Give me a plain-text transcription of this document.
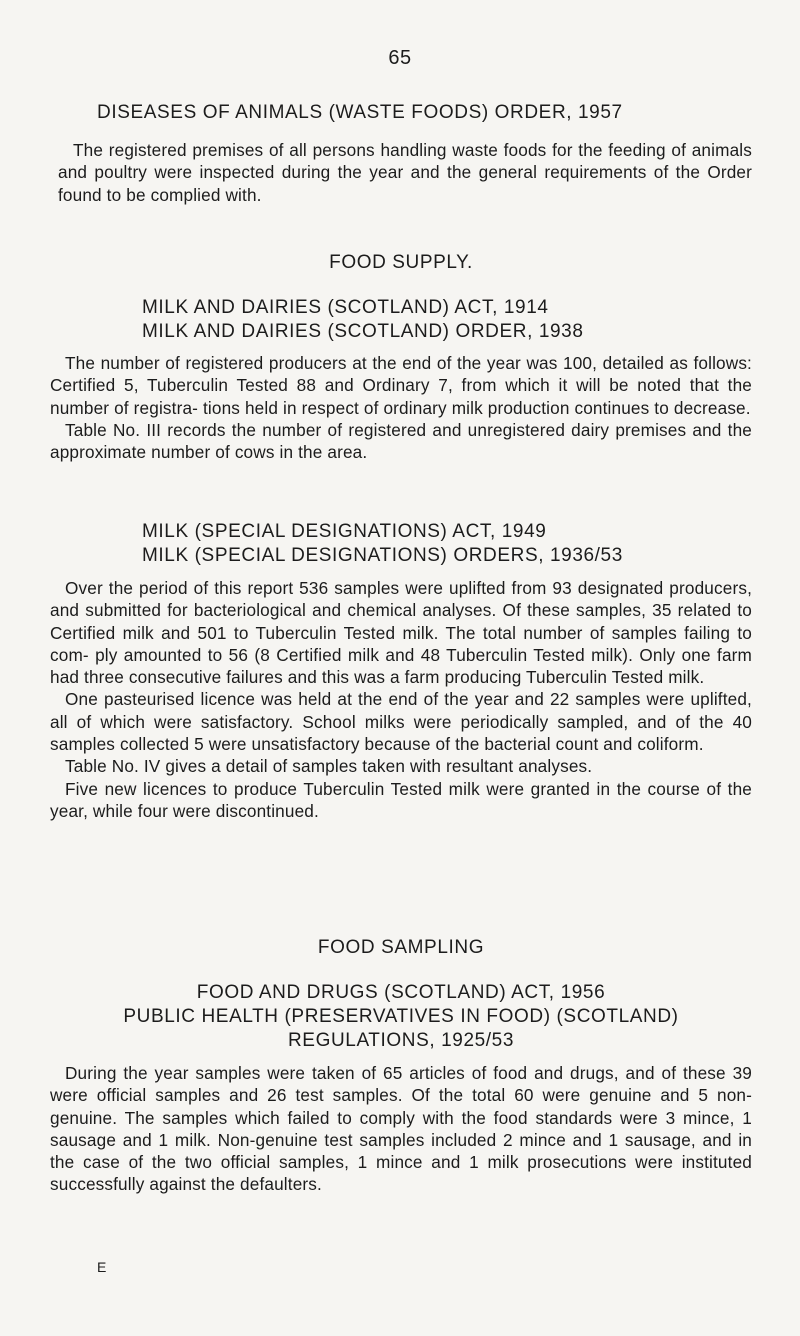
65

DISEASES OF ANIMALS (WASTE FOODS) ORDER, 1957

The registered premises of all persons handling waste foods for the feeding of animals and poultry were inspected during the year and the general requirements of the Order found to be complied with.

FOOD SUPPLY.

MILK AND DAIRIES (SCOTLAND) ACT, 1914

MILK AND DAIRIES (SCOTLAND) ORDER, 1938

The number of registered producers at the end of the year was 100, detailed as follows: Certified 5, Tuberculin Tested 88 and Ordinary 7, from which it will be noted that the number of registra- tions held in respect of ordinary milk production continues to decrease.

Table No. III records the number of registered and unregistered dairy premises and the approximate number of cows in the area.

MILK (SPECIAL DESIGNATIONS) ACT, 1949

MILK (SPECIAL DESIGNATIONS) ORDERS, 1936/53

Over the period of this report 536 samples were uplifted from 93 designated producers, and submitted for bacteriological and chemical analyses. Of these samples, 35 related to Certified milk and 501 to Tuberculin Tested milk. The total number of samples failing to com- ply amounted to 56 (8 Certified milk and 48 Tuberculin Tested milk). Only one farm had three consecutive failures and this was a farm producing Tuberculin Tested milk.

One pasteurised licence was held at the end of the year and 22 samples were uplifted, all of which were satisfactory. School milks were periodically sampled, and of the 40 samples collected 5 were unsatisfactory because of the bacterial count and coliform.

Table No. IV gives a detail of samples taken with resultant analyses.

Five new licences to produce Tuberculin Tested milk were granted in the course of the year, while four were discontinued.

FOOD SAMPLING

FOOD AND DRUGS (SCOTLAND) ACT, 1956

PUBLIC HEALTH (PRESERVATIVES IN FOOD) (SCOTLAND)

REGULATIONS, 1925/53

During the year samples were taken of 65 articles of food and drugs, and of these 39 were official samples and 26 test samples. Of the total 60 were genuine and 5 non-genuine. The samples which failed to comply with the food standards were 3 mince, 1 sausage and 1 milk. Non-genuine test samples included 2 mince and 1 sausage, and in the case of the two official samples, 1 mince and 1 milk prosecutions were instituted successfully against the defaulters.

E
